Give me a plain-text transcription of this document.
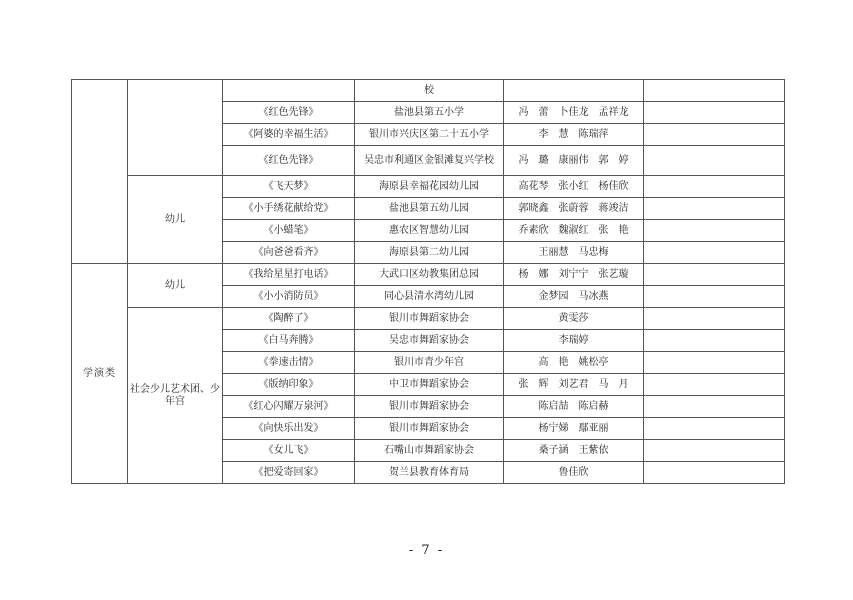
			校		
		《红色先锋》	盐池县第五小学	冯　蕾　卜佳龙　孟祥龙	
		《阿婆的幸福生活》	银川市兴庆区第二十五小学	李　慧　陈瑞萍	
		《红色先锋》	吴忠市利通区金银滩复兴学校	冯　璐　康丽伟　郭　婷	
	幼儿	《飞天梦》	海原县幸福花园幼儿园	高花琴　张小红　杨佳欣	
		《小手绣花献给党》	盐池县第五幼儿园	郭晓鑫　张蔚蓉　蒋竣洁	
		《小蜡笔》	惠农区智慧幼儿园	乔素欣　魏淑红　张　艳	
		《向爸爸看齐》	海原县第二幼儿园	王丽慧　马忠梅	
学演类	幼儿	《我给星星打电话》	大武口区幼教集团总园	杨　娜　刘宁宁　张艺璇	
		《小小消防员》	同心县清水湾幼儿园	金梦园　马冰燕	
	社会少儿艺术团、少年宫	《陶醉了》	银川市舞蹈家协会	黄雯莎	
		《白马奔腾》	吴忠市舞蹈家协会	李瑞婷	
		《拳速击情》	银川市青少年宫	高　艳　姚松亭	
		《版纳印象》	中卫市舞蹈家协会	张　辉　刘艺君　马　月	
		《红心闪耀万泉河》	银川市舞蹈家协会	陈启喆　陈启赫	
		《向快乐出发》	银川市舞蹈家协会	杨宁娣　鄢亚丽	
		《女儿飞》	石嘴山市舞蹈家协会	桑子涵　王紫依	
		《把爱寄回家》	贺兰县教育体育局	鲁佳欣	
- 7 -
